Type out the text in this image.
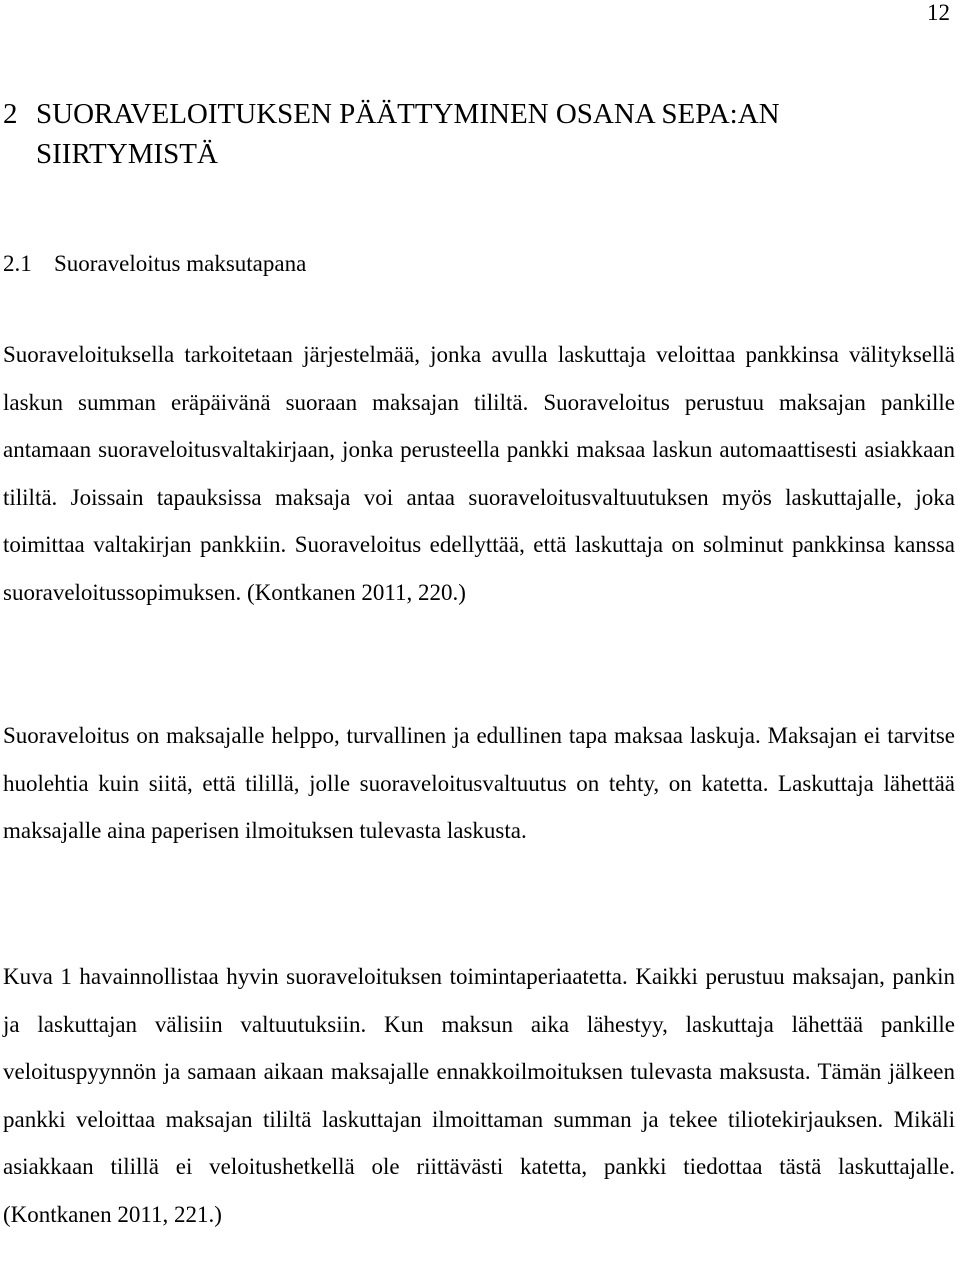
12
2 SUORAVELOITUKSEN PÄÄTTYMINEN OSANA SEPA:AN SIIRTYMISTÄ
2.1 Suoraveloitus maksutapana

Suoraveloituksella tarkoitetaan järjestelmää, jonka avulla laskuttaja veloittaa pankkinsa välityksellä laskun summan eräpäivänä suoraan maksajan tililtä. Suoraveloitus perustuu maksajan pankille antamaan suoraveloitusvaltakirjaan, jonka perusteella pankki maksaa laskun automaattisesti asiakkaan tililtä. Joissain tapauksissa maksaja voi antaa suoraveloitusvaltuutuksen myös laskuttajalle, joka toimittaa valtakirjan pankkiin. Suoraveloitus edellyttää, että laskuttaja on solminut pankkinsa kanssa suoraveloitussopimuksen. (Kontkanen 2011, 220.)

Suoraveloitus on maksajalle helppo, turvallinen ja edullinen tapa maksaa laskuja. Maksajan ei tarvitse huolehtia kuin siitä, että tilillä, jolle suoraveloitusvaltuutus on tehty, on katetta. Laskuttaja lähettää maksajalle aina paperisen ilmoituksen tulevasta laskusta.

Kuva 1 havainnollistaa hyvin suoraveloituksen toimintaperiaatetta. Kaikki perustuu maksajan, pankin ja laskuttajan välisiin valtuutuksiin. Kun maksun aika lähestyy, laskuttaja lähettää pankille veloituspyynnön ja samaan aikaan maksajalle ennakkoilmoituksen tulevasta maksusta. Tämän jälkeen pankki veloittaa maksajan tililtä laskuttajan ilmoittaman summan ja tekee tiliotekirjauksen. Mikäli asiakkaan tilillä ei veloitushetkellä ole riittävästi katetta, pankki tiedottaa tästä laskuttajalle. (Kontkanen 2011, 221.)
